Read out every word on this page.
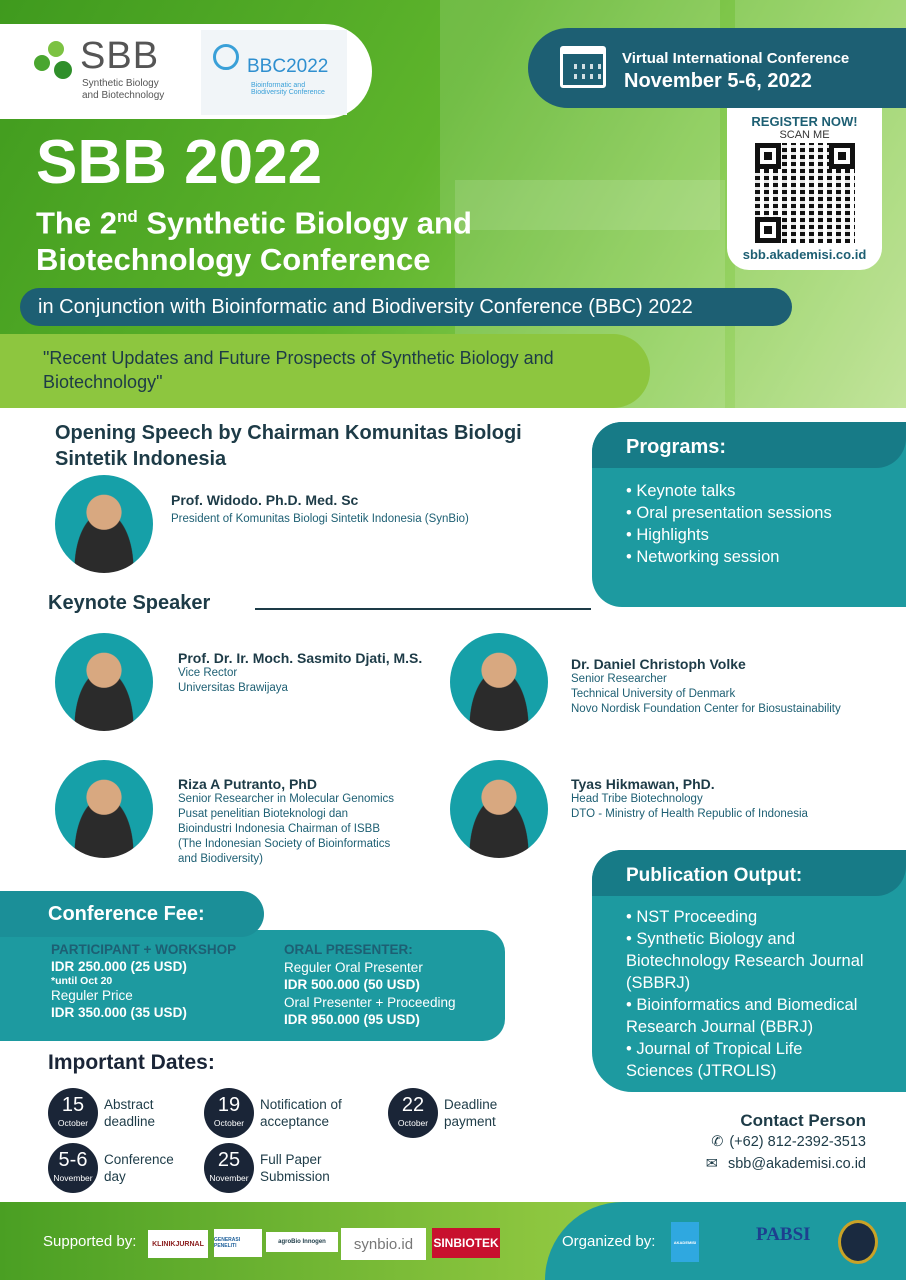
SBB
Synthetic Biology
and Biotechnology
BBC2022
Bioinformatic and Biodiversity Conference
Virtual International Conference
November 5-6, 2022
REGISTER NOW!
SCAN ME
sbb.akademisi.co.id
SBB 2022
The 2nd Synthetic Biology and
Biotechnology Conference
in Conjunction with Bioinformatic and Biodiversity Conference (BBC) 2022
"Recent Updates and Future Prospects of Synthetic Biology and Biotechnology"
Opening Speech by Chairman Komunitas Biologi Sintetik Indonesia
Prof. Widodo. Ph.D. Med. Sc
President of Komunitas Biologi Sintetik Indonesia (SynBio)
Programs:
• Keynote talks
• Oral presentation sessions
• Highlights
• Networking session
Keynote Speaker
Prof. Dr. Ir. Moch. Sasmito Djati, M.S.
Vice Rector
Universitas Brawijaya
Dr. Daniel Christoph Volke
Senior Researcher
Technical University of Denmark
Novo Nordisk Foundation Center for Biosustainability
Riza A Putranto, PhD
Senior Researcher in Molecular Genomics
Pusat penelitian Bioteknologi dan
Bioindustri Indonesia Chairman of ISBB
(The Indonesian Society of Bioinformatics
and Biodiversity)
Tyas Hikmawan, PhD.
Head Tribe Biotechnology
DTO - Ministry of Health Republic of Indonesia
Publication Output:
• NST Proceeding
• Synthetic Biology and Biotechnology Research Journal (SBBRJ)
• Bioinformatics and Biomedical Research Journal (BBRJ)
• Journal of Tropical Life Sciences (JTROLIS)
Conference Fee:
PARTICIPANT + WORKSHOP
IDR 250.000 (25 USD)
*until Oct 20
Reguler Price
IDR 350.000 (35 USD)
ORAL PRESENTER:
Reguler Oral Presenter
IDR 500.000 (50 USD)
Oral Presenter + Proceeding
IDR 950.000 (95 USD)
Important Dates:
15
October
Abstract
deadline
19
October
Notification of
acceptance
22
October
Deadline
payment
5-6
November
Conference
day
25
November
Full Paper
Submission
Contact Person
✆ (+62) 812-2392-3513
✉ sbb@akademisi.co.id
Supported by:	KLINIKJURNAL
GENERASI PENELITI
agroBio Innogen	synbio.id	SINBIOTEK	Organized by:	AKADEMISI	PABSI
